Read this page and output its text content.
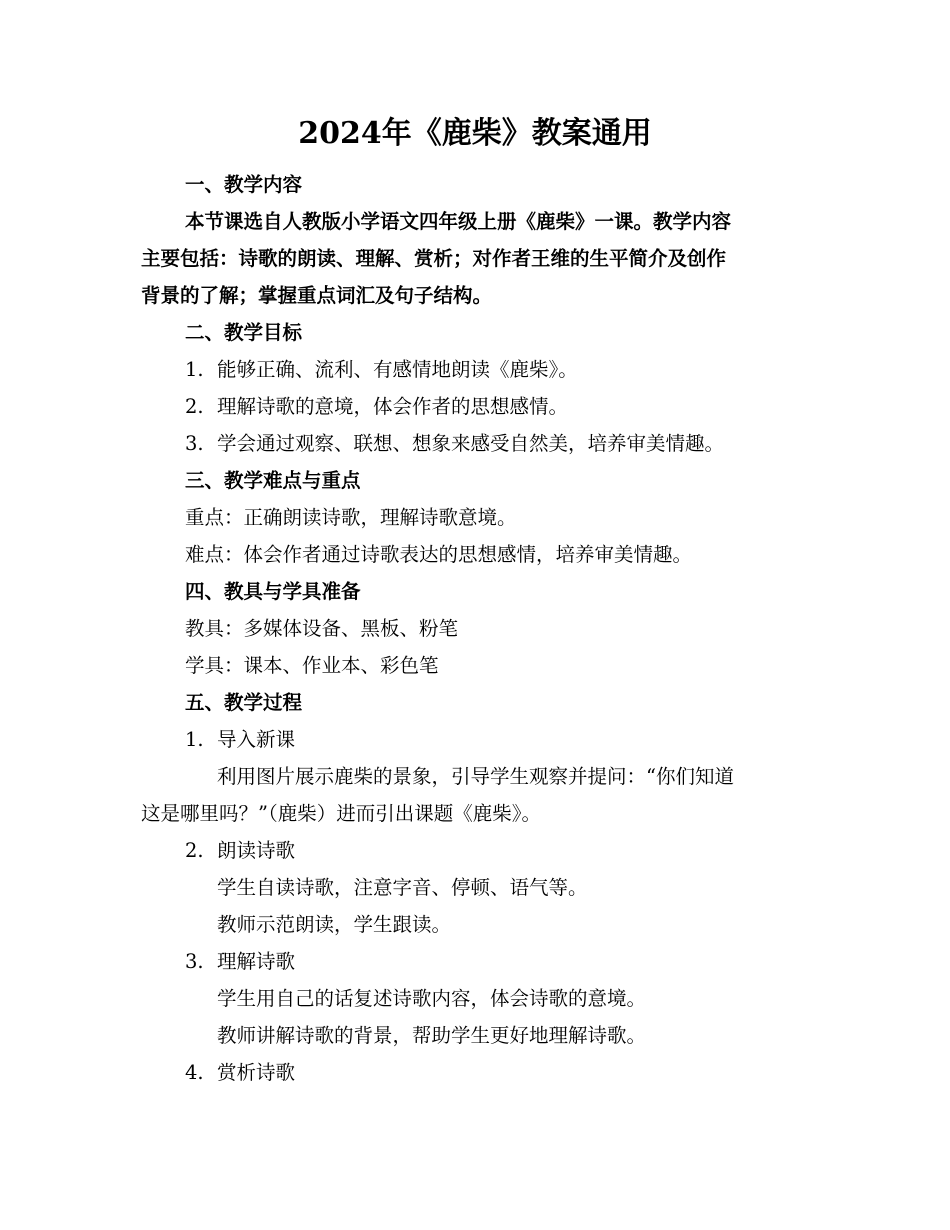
2024年《鹿柴》教案通用
一、教学内容
本节课选自人教版小学语文四年级上册《鹿柴》一课。教学内容
主要包括：诗歌的朗读、理解、赏析；对作者王维的生平简介及创作
背景的了解；掌握重点词汇及句子结构。
二、教学目标
1. 能够正确、流利、有感情地朗读《鹿柴》。
2. 理解诗歌的意境，体会作者的思想感情。
3. 学会通过观察、联想、想象来感受自然美，培养审美情趣。
三、教学难点与重点
重点：正确朗读诗歌，理解诗歌意境。
难点：体会作者通过诗歌表达的思想感情，培养审美情趣。
四、教具与学具准备
教具：多媒体设备、黑板、粉笔
学具：课本、作业本、彩色笔
五、教学过程
1. 导入新课
利用图片展示鹿柴的景象，引导学生观察并提问：“你们知道
这是哪里吗？”（鹿柴）进而引出课题《鹿柴》。
2. 朗读诗歌
学生自读诗歌，注意字音、停顿、语气等。
教师示范朗读，学生跟读。
3. 理解诗歌
学生用自己的话复述诗歌内容，体会诗歌的意境。
教师讲解诗歌的背景，帮助学生更好地理解诗歌。
4. 赏析诗歌
